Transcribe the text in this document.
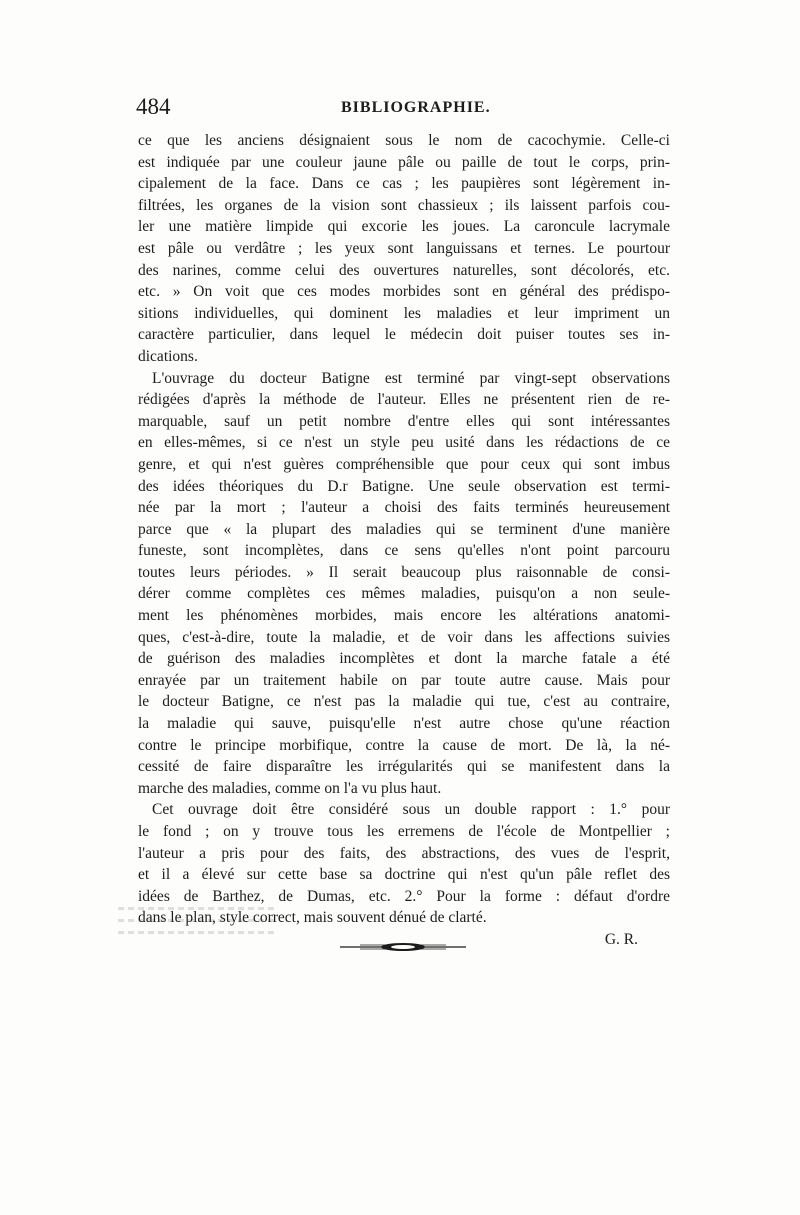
484	BIBLIOGRAPHIE.
ce que les anciens désignaient sous le nom de cacochymie. Celle-ci
est indiquée par une couleur jaune pâle ou paille de tout le corps, prin-
cipalement de la face. Dans ce cas ; les paupières sont légèrement in-
filtrées, les organes de la vision sont chassieux ; ils laissent parfois cou-
ler une matière limpide qui excorie les joues. La caroncule lacrymale
est pâle ou verdâtre ; les yeux sont languissans et ternes. Le pourtour
des narines, comme celui des ouvertures naturelles, sont décolorés, etc.
etc. » On voit que ces modes morbides sont en général des prédispo-
sitions individuelles, qui dominent les maladies et leur impriment un
caractère particulier, dans lequel le médecin doit puiser toutes ses in-
dications.
L'ouvrage du docteur Batigne est terminé par vingt-sept observations
rédigées d'après la méthode de l'auteur. Elles ne présentent rien de re-
marquable, sauf un petit nombre d'entre elles qui sont intéressantes
en elles-mêmes, si ce n'est un style peu usité dans les rédactions de ce
genre, et qui n'est guères compréhensible que pour ceux qui sont imbus
des idées théoriques du D.r Batigne. Une seule observation est termi-
née par la mort ; l'auteur a choisi des faits terminés heureusement
parce que « la plupart des maladies qui se terminent d'une manière
funeste, sont incomplètes, dans ce sens qu'elles n'ont point parcouru
toutes leurs périodes. » Il serait beaucoup plus raisonnable de consi-
dérer comme complètes ces mêmes maladies, puisqu'on a non seule-
ment les phénomènes morbides, mais encore les altérations anatomi-
ques, c'est-à-dire, toute la maladie, et de voir dans les affections suivies
de guérison des maladies incomplètes et dont la marche fatale a été
enrayée par un traitement habile on par toute autre cause. Mais pour
le docteur Batigne, ce n'est pas la maladie qui tue, c'est au contraire,
la maladie qui sauve, puisqu'elle n'est autre chose qu'une réaction
contre le principe morbifique, contre la cause de mort. De là, la né-
cessité de faire disparaître les irrégularités qui se manifestent dans la
marche des maladies, comme on l'a vu plus haut.
Cet ouvrage doit être considéré sous un double rapport : 1.° pour
le fond ; on y trouve tous les erremens de l'école de Montpellier ;
l'auteur a pris pour des faits, des abstractions, des vues de l'esprit,
et il a élevé sur cette base sa doctrine qui n'est qu'un pâle reflet des
idées de Barthez, de Dumas, etc. 2.° Pour la forme : défaut d'ordre
dans le plan, style correct, mais souvent dénué de clarté.
G. R.
